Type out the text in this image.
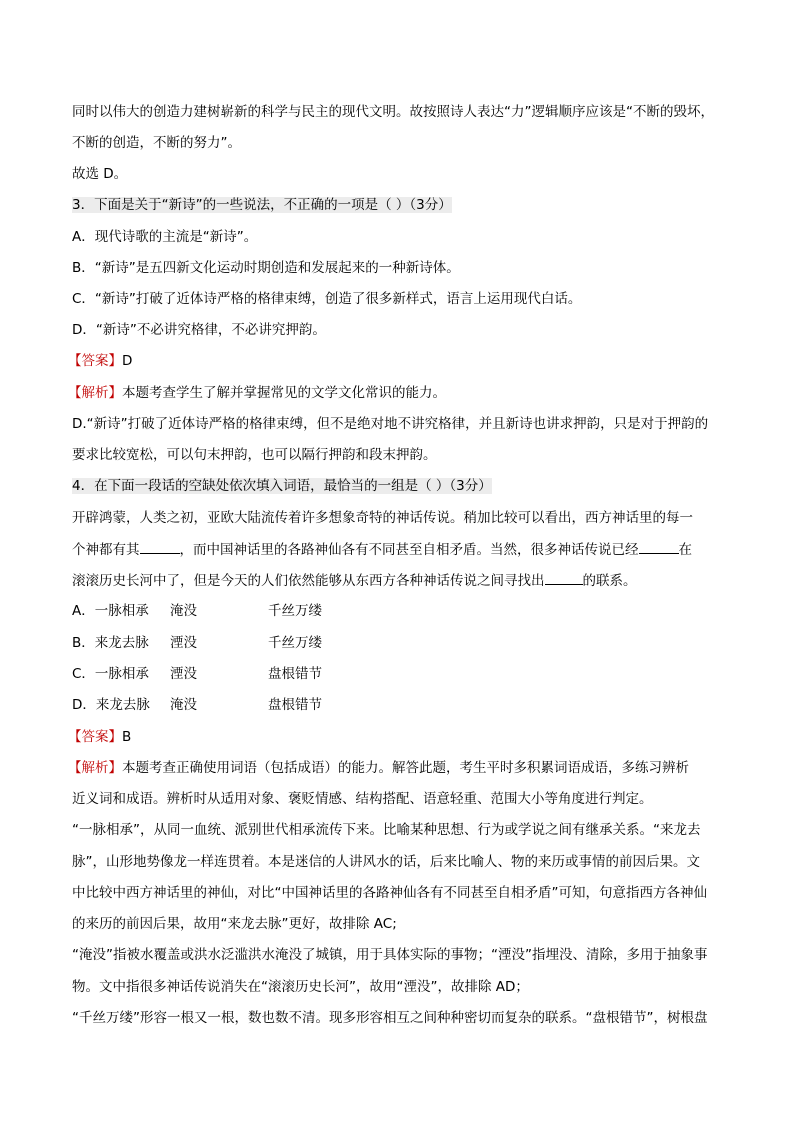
同时以伟大的创造力建树崭新的科学与民主的现代文明。故按照诗人表达“力”逻辑顺序应该是“不断的毁坏，
不断的创造，不断的努力”。
故选 D。
3．下面是关于“新诗”的一些说法，不正确的一项是（ ）（3分）
A．现代诗歌的主流是“新诗”。
B．“新诗”是五四新文化运动时期创造和发展起来的一种新诗体。
C．“新诗”打破了近体诗严格的格律束缚，创造了很多新样式，语言上运用现代白话。
D．“新诗”不必讲究格律，不必讲究押韵。
【答案】D
【解析】本题考查学生了解并掌握常见的文学文化常识的能力。
D.“新诗”打破了近体诗严格的格律束缚，但不是绝对地不讲究格律，并且新诗也讲求押韵，只是对于押韵的
要求比较宽松，可以句末押韵，也可以隔行押韵和段末押韵。
4．在下面一段话的空缺处依次填入词语，最恰当的一组是（ ）（3分）
开辟鸿蒙，人类之初，亚欧大陆流传着许多想象奇特的神话传说。稍加比较可以看出，西方神话里的每一
个神都有其	，而中国神话里的各路神仙各有不同甚至自相矛盾。当然，很多神话传说已经	在
滚滚历史长河中了，但是今天的人们依然能够从东西方各种神话传说之间寻找出	的联系。
A．一脉相承 淹没	千丝万缕
B．来龙去脉 湮没	千丝万缕
C．一脉相承 湮没	盘根错节
D．来龙去脉 淹没	盘根错节
【答案】B
【解析】本题考查正确使用词语（包括成语）的能力。解答此题，考生平时多积累词语成语，多练习辨析
近义词和成语。辨析时从适用对象、褒贬情感、结构搭配、语意轻重、范围大小等角度进行判定。
“一脉相承”，从同一血统、派别世代相承流传下来。比喻某种思想、行为或学说之间有继承关系。“来龙去
脉”，山形地势像龙一样连贯着。本是迷信的人讲风水的话，后来比喻人、物的来历或事情的前因后果。文
中比较中西方神话里的神仙，对比“中国神话里的各路神仙各有不同甚至自相矛盾”可知，句意指西方各神仙
的来历的前因后果，故用“来龙去脉”更好，故排除 AC;
“淹没”指被水覆盖或洪水泛滥洪水淹没了城镇，用于具体实际的事物；“湮没”指埋没、清除，多用于抽象事
物。文中指很多神话传说消失在“滚滚历史长河”，故用“湮没”，故排除 AD；
“千丝万缕”形容一根又一根，数也数不清。现多形容相互之间种种密切而复杂的联系。“盘根错节”，树根盘
